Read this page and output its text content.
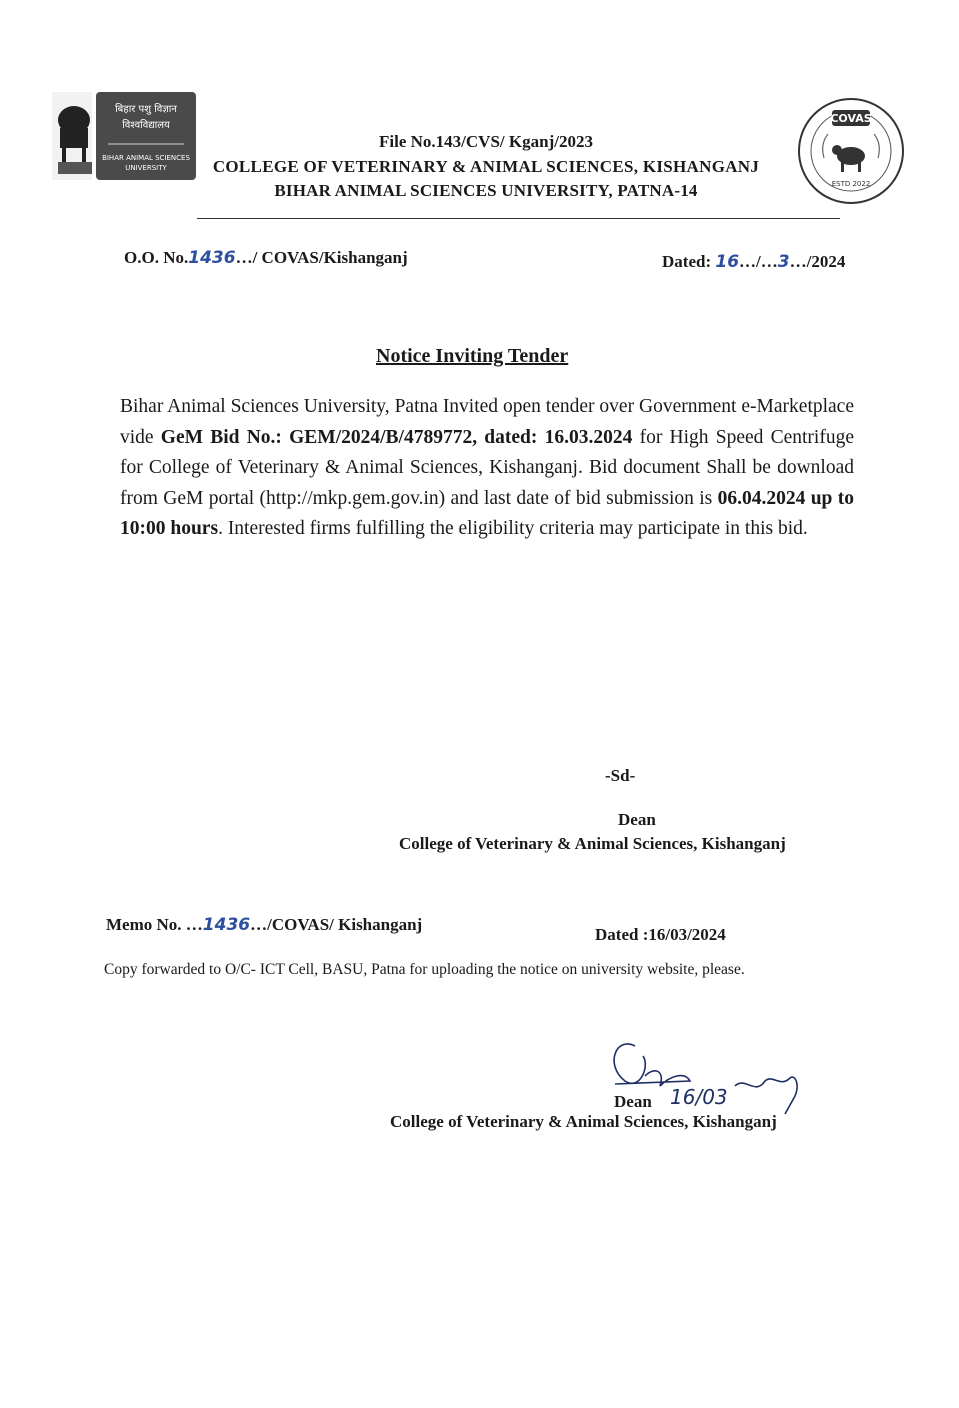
बिहार पशु विज्ञान
विश्वविद्यालय
BIHAR ANIMAL SCIENCES
UNIVERSITY
COVAS
ESTD 2022
File No.143/CVS/ Kganj/2023
COLLEGE OF VETERINARY & ANIMAL SCIENCES, KISHANGANJ
BIHAR ANIMAL SCIENCES UNIVERSITY, PATNA-14
O.O. No.1436…/ COVAS/Kishanganj	Dated: 16…/…3…/2024
Notice Inviting Tender
Bihar Animal Sciences University, Patna Invited open tender over Government e-Marketplace vide GeM Bid No.: GEM/2024/B/4789772, dated: 16.03.2024 for High Speed Centrifuge for College of Veterinary & Animal Sciences, Kishanganj. Bid document Shall be download from GeM portal (http://mkp.gem.gov.in) and last date of bid submission is 06.04.2024 up to 10:00 hours. Interested firms fulfilling the eligibility criteria may participate in this bid.
-Sd-
Dean
College of Veterinary & Animal Sciences, Kishanganj
Memo No. …1436…/COVAS/ Kishanganj
Dated :16/03/2024
Copy forwarded to O/C- ICT Cell, BASU, Patna for uploading the notice on university website, please.
16/03
Dean
College of Veterinary & Animal Sciences, Kishanganj
